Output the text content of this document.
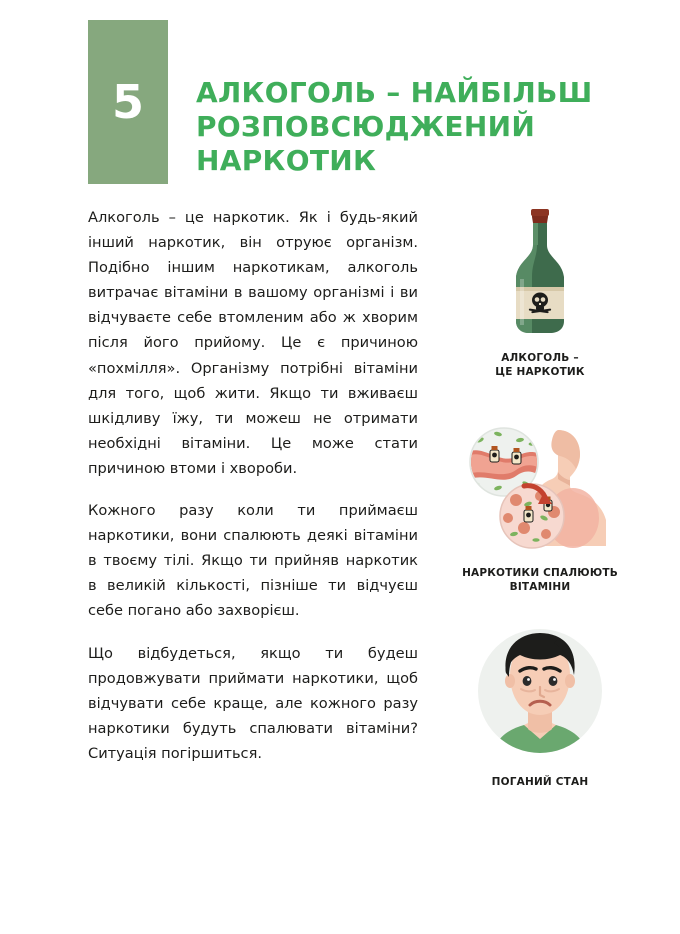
5 АЛКОГОЛЬ – НАЙБІЛЬШ РОЗПОВСЮДЖЕНИЙ НАРКОТИК

Алкоголь – це наркотик. Як і будь-який інший наркотик, він отруює організм. Подібно іншим наркотикам, алкоголь витрачає вітаміни в вашому організмі і ви відчуваєте себе втомленим або ж хворим після його прийому. Це є причиною «похмілля». Організму потрібні вітаміни для того, щоб жити. Якщо ти вживаєш шкідливу їжу, ти можеш не отримати необхідні вітаміни. Це може стати причиною втоми і хвороби.

Кожного разу коли ти приймаєш наркотики, вони спалюють деякі вітаміни в твоєму тілі. Якщо ти прийняв наркотик в великій кількості, пізніше ти відчуєш себе погано або захворієш.

Що відбудеться, якщо ти будеш продовжувати приймати наркотики, щоб відчувати себе краще, але кожного разу наркотики будуть спалювати вітаміни? Ситуація погіршиться.

АЛКОГОЛЬ –
ЦЕ НАРКОТИК
НАРКОТИКИ СПАЛЮЮТЬ
ВІТАМІНИ
ПОГАНИЙ СТАН
